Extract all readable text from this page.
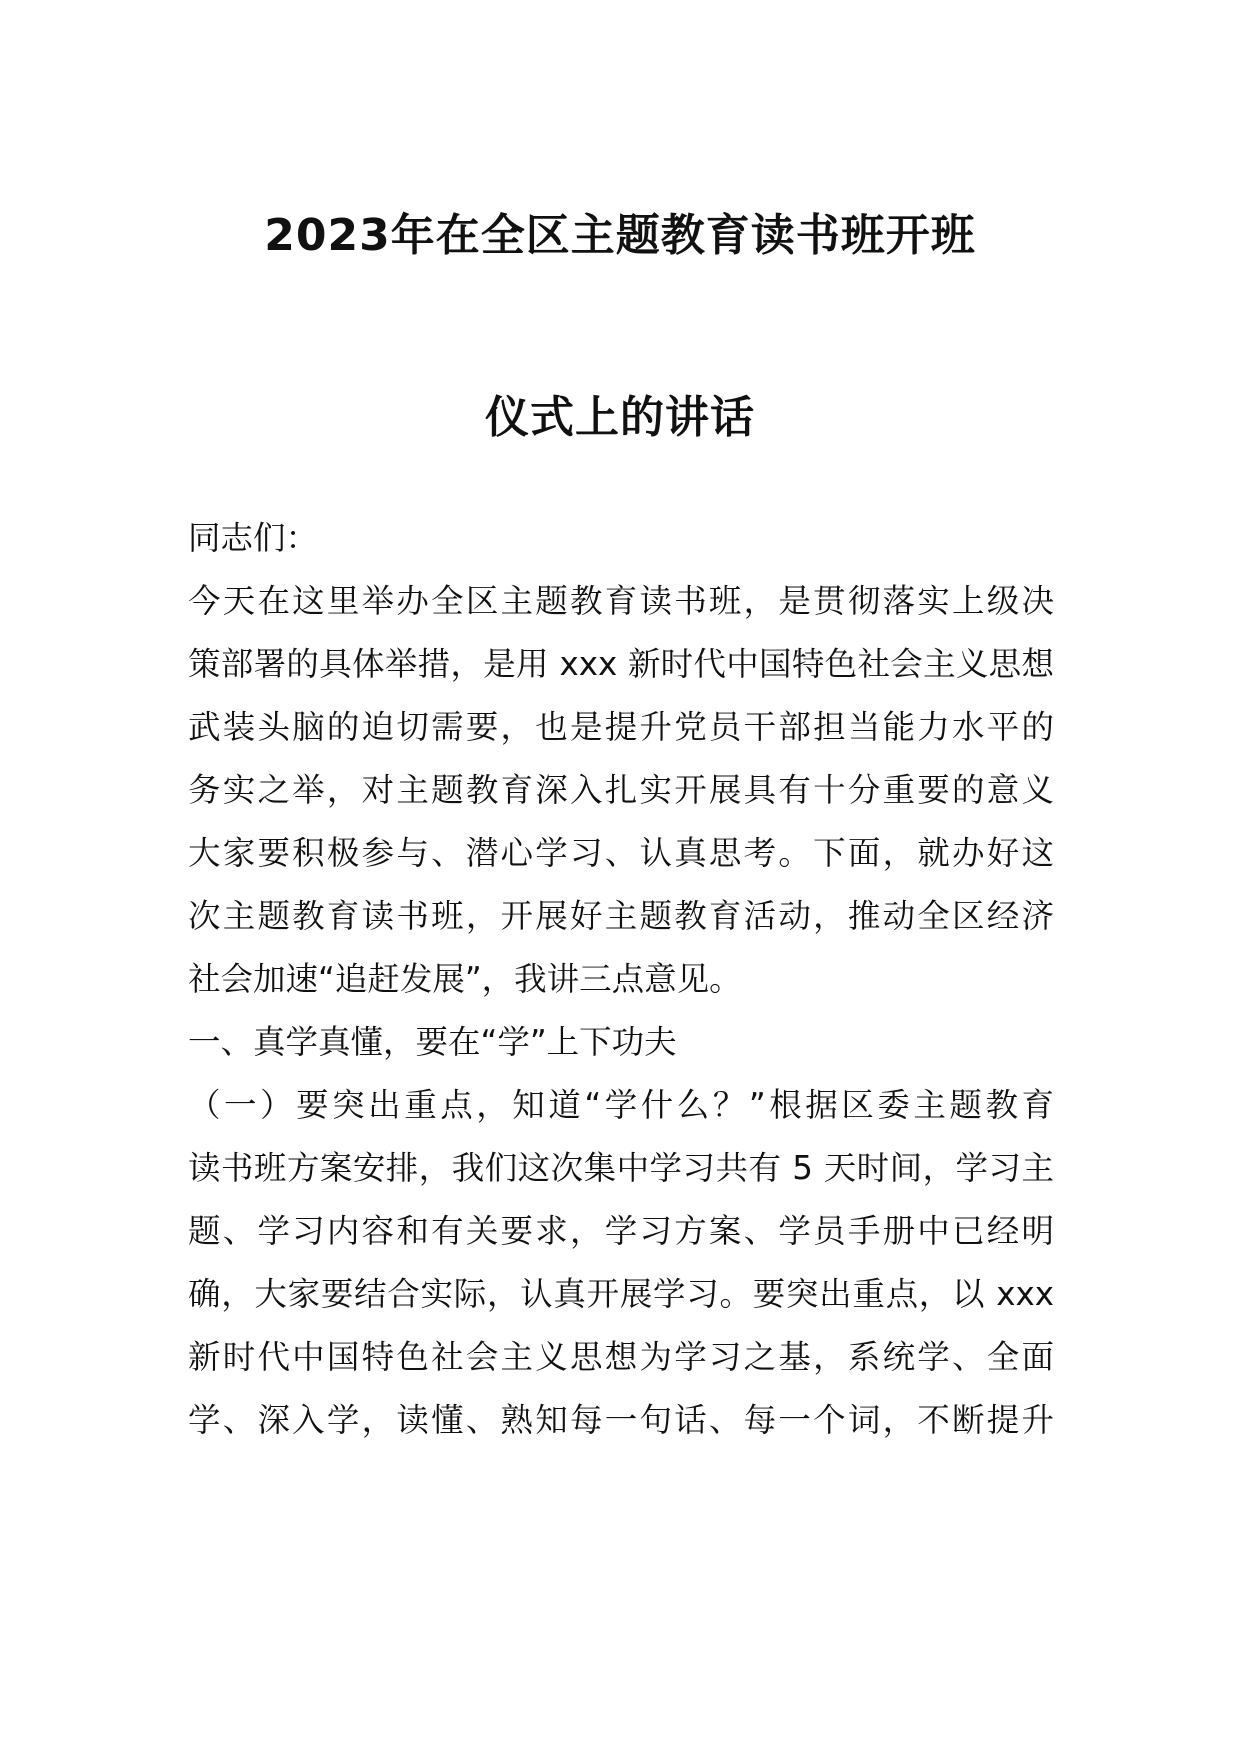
2023年在全区主题教育读书班开班
仪式上的讲话
同志们：
今天在这里举办全区主题教育读书班，是贯彻落实上级决
策部署的具体举措，是用 xxx 新时代中国特色社会主义思想
武装头脑的迫切需要，也是提升党员干部担当能力水平的
务实之举，对主题教育深入扎实开展具有十分重要的意义
大家要积极参与、潜心学习、认真思考。下面，就办好这
次主题教育读书班，开展好主题教育活动，推动全区经济
社会加速“追赶发展”，我讲三点意见。
一、真学真懂，要在“学”上下功夫
（一）要突出重点，知道“学什么？”根据区委主题教育
读书班方案安排，我们这次集中学习共有 5 天时间，学习主
题、学习内容和有关要求，学习方案、学员手册中已经明
确，大家要结合实际，认真开展学习。要突出重点，以 xxx
新时代中国特色社会主义思想为学习之基，系统学、全面
学、深入学，读懂、熟知每一句话、每一个词，不断提升
